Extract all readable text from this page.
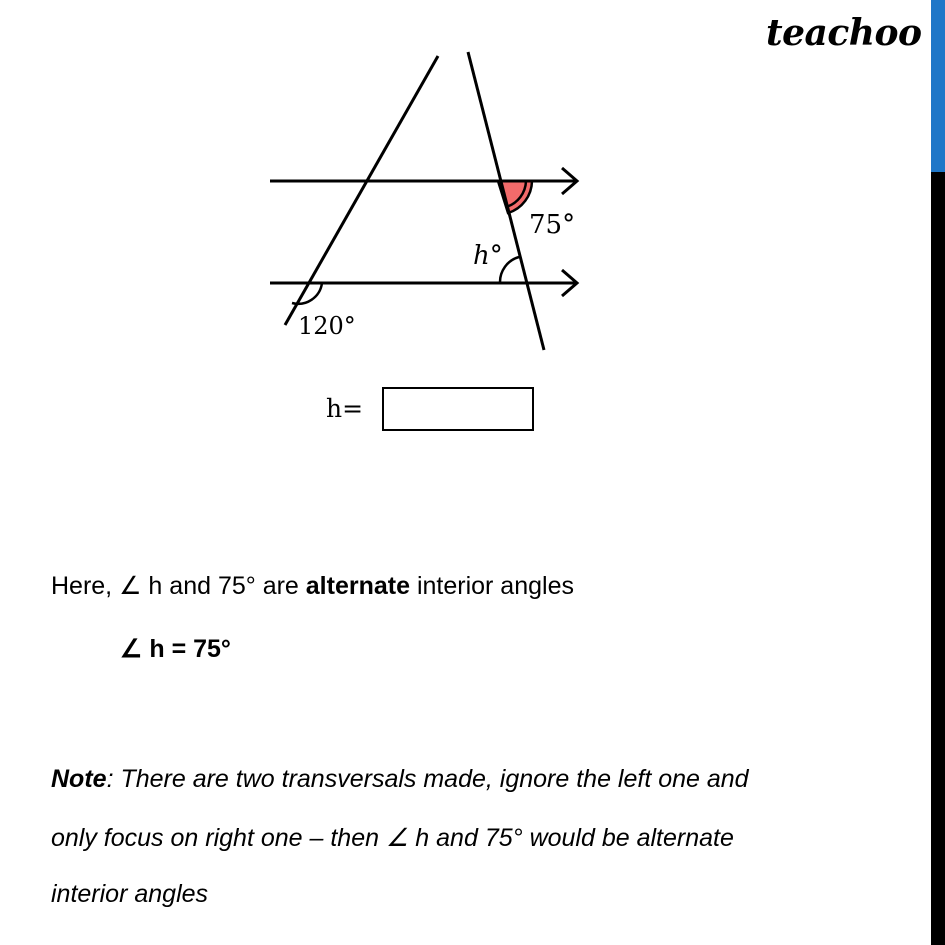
teachoo
75°
h°
120°
h=
Here, ∠ h and 75° are alternate interior angles
∠ h = 75°
Note: There are two transversals made, ignore the left one and
only focus on right one – then ∠ h and 75° would be alternate
interior angles
